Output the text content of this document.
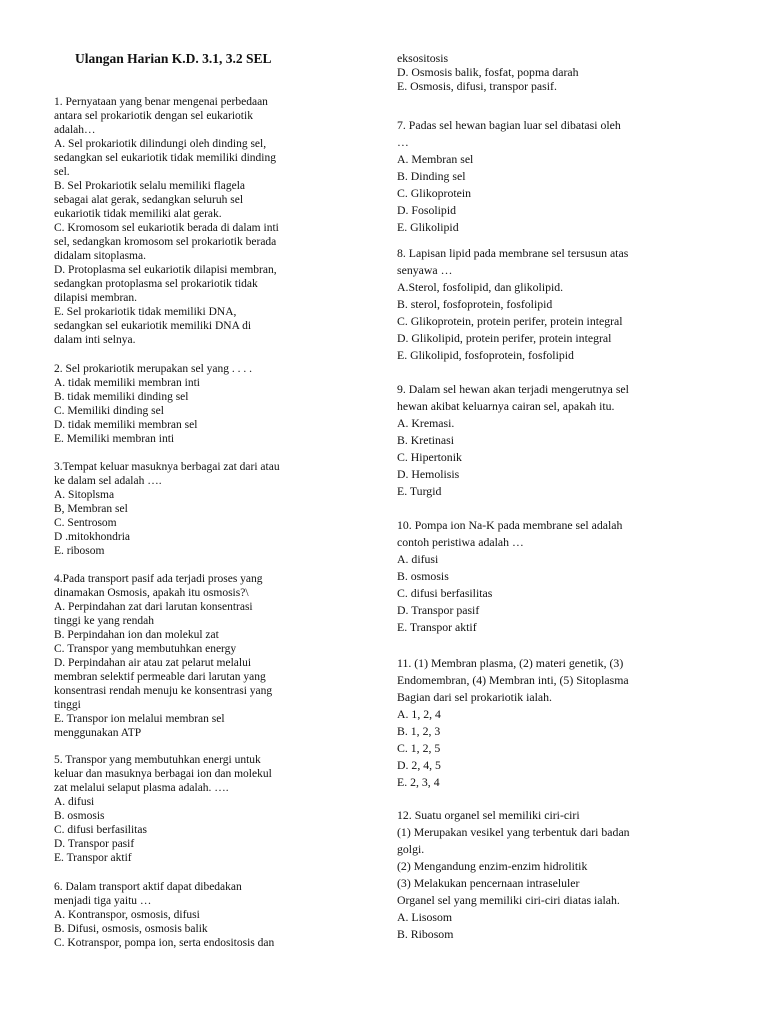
Ulangan Harian K.D. 3.1, 3.2 SEL
1. Pernyataan yang benar mengenai perbedaan
antara sel prokariotik dengan sel eukariotik
adalah…
A. Sel prokariotik dilindungi oleh dinding sel,
sedangkan sel eukariotik tidak memiliki dinding
sel.
B. Sel Prokariotik selalu memiliki flagela
sebagai alat gerak, sedangkan seluruh sel
eukariotik tidak memiliki alat gerak.
C. Kromosom sel eukariotik berada di dalam inti
sel, sedangkan kromosom sel prokariotik berada
didalam sitoplasma.
D. Protoplasma sel eukariotik dilapisi membran,
sedangkan protoplasma sel prokariotik tidak
dilapisi membran.
E. Sel prokariotik tidak memiliki DNA,
sedangkan sel eukariotik memiliki DNA di
dalam inti selnya.
2. Sel prokariotik merupakan sel yang . . . .
A. tidak memiliki membran inti
B. tidak memiliki dinding sel
C. Memiliki dinding sel
D. tidak memiliki membran sel
E. Memiliki membran inti
3.Tempat keluar masuknya berbagai zat dari atau
ke dalam sel adalah ….
A. Sitoplsma
B, Membran sel
C. Sentrosom
D .mitokhondria
E. ribosom
4.Pada transport pasif ada terjadi proses yang
dinamakan Osmosis, apakah itu osmosis?\
A. Perpindahan zat dari larutan konsentrasi
tinggi ke yang rendah
B. Perpindahan ion dan molekul zat
C. Transpor yang membutuhkan energy
D. Perpindahan air atau zat pelarut melalui
membran selektif permeable dari larutan yang
konsentrasi rendah menuju ke konsentrasi yang
tinggi
E. Transpor ion melalui membran sel
menggunakan ATP
5. Transpor yang membutuhkan energi untuk
keluar dan masuknya berbagai ion dan molekul
zat melalui selaput plasma adalah. ….
A. difusi
B. osmosis
C. difusi berfasilitas
D. Transpor pasif
E. Transpor aktif
6. Dalam transport aktif dapat dibedakan
menjadi tiga yaitu …
A. Kontranspor, osmosis, difusi
B. Difusi, osmosis, osmosis balik
C. Kotranspor, pompa ion, serta endositosis dan
eksositosis
D. Osmosis balik, fosfat, popma darah
E. Osmosis, difusi, transpor pasif.
7. Padas sel hewan bagian luar sel dibatasi oleh
…
A. Membran sel
B. Dinding sel
C. Glikoprotein
D. Fosolipid
E. Glikolipid
8. Lapisan lipid pada membrane sel tersusun atas
senyawa …
A.Sterol, fosfolipid, dan glikolipid.
B. sterol, fosfoprotein, fosfolipid
C. Glikoprotein, protein perifer, protein integral
D. Glikolipid, protein perifer, protein integral
E. Glikolipid, fosfoprotein, fosfolipid
9. Dalam sel hewan akan terjadi mengerutnya sel
hewan akibat keluarnya cairan sel, apakah itu.
A. Kremasi.
B. Kretinasi
C. Hipertonik
D. Hemolisis
E. Turgid
10. Pompa ion Na-K pada membrane sel adalah
contoh peristiwa adalah …
A. difusi
B. osmosis
C. difusi berfasilitas
D. Transpor pasif
E. Transpor aktif
11. (1) Membran plasma, (2) materi genetik, (3)
Endomembran, (4) Membran inti, (5) Sitoplasma
Bagian dari sel prokariotik ialah.
A. 1, 2, 4
B. 1, 2, 3
C. 1, 2, 5
D. 2, 4, 5
E. 2, 3, 4
12. Suatu organel sel memiliki ciri-ciri
(1) Merupakan vesikel yang terbentuk dari badan
golgi.
(2) Mengandung enzim-enzim hidrolitik
(3) Melakukan pencernaan intraseluler
Organel sel yang memiliki ciri-ciri diatas ialah.
A. Lisosom
B. Ribosom
